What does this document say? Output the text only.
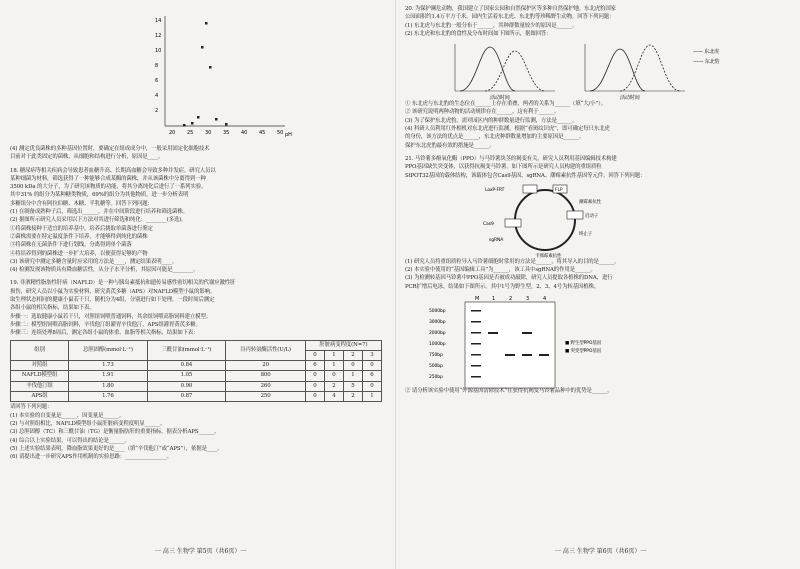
14
12
10
8
6
4
2
20 25 30 35 40 45 50 pH

(4) 测定优良菌株的多种基因位置时，要确定在组成成分中，一般采用固定化细胞技术

目前对于此类固定的菌株，从细胞和结构进行分析，原因是____。

18. 糖尿病等相关疾病会导致患者血糖升高、长期高血糖会导致多种并发症。研究人员以

某种细菌为材料，筛选获得了一种能够合成某酶的菌株，并从该菌株中分离得到一种

3500 kDa 的大分子，为了研究该物质的功能，将其分离纯化后进行了一系列实验。

其中31% 的组分为某种糖类物质，69%的组分为其他物质，进一步分析表明

多糖组分中含有阿拉伯糖、木糖、半乳糖等。回答下列问题：

(1) 在制备成熟种子后，筛选出______，并在中间阶段进行培养和筛选菌株。

(2) 据图所示研究人员采用以下方法对其进行筛选和纯化：________(多选)。

①将菌株接种于适宜的培养基中，培养后挑取单菌落进行鉴定

②菌株需要在特定温度条件下培养，才能够得到纯化的菌株

③将菌株在无菌条件下进行划线，分离得到单个菌落

④将培养得到的菌株进一步扩大培养，以便获得足够的产物

(3) 该研究中测定多糖含量时应采用的方法是____，测定结果表明____。

(4) 检测发现该物质具有降血糖活性，从分子水平分析，其原因可能是________。

19. 非酒精性脂肪性肝病（NAFLD）是一种与胰岛素抵抗和遗传易感性密切相关的代谢应激性肝

损伤，研究人员以小鼠为实验材料，研究黄芪多糖（APS）对NAFLD模型小鼠的影响。

取生理状态相同的健康小鼠若干只，随机分为4组，分别进行如下处理，一段时间后测定

各组小鼠的相关指标，结果如下表。

步骤一：选取健康小鼠若干只，对照组饲喂普通饲料，其余组饲喂高脂饲料建立模型。

步骤二：模型组饲喂高脂饲料，辛伐他汀组灌胃辛伐他汀，APS组灌胃黄芪多糖。

步骤三：连续处理8周后，测定各组小鼠的体重、血脂等相关指标，结果如下表：

组别	总胆固醇(mmol·L⁻¹)	三酰甘油(mmol·L⁻¹)	谷丙转氨酶活性(U/L)	肝脏病变程度(N=7)			
				0	1	2	3
对照组	1.73	0.84	20	6	1	0	0
NAFLD模型组	1.91	1.05	800	0	0	1	6
辛伐他汀组	1.80	0.90	260	0	2	5	0
APS组	1.76	0.87	250	0	4	2	1

请回答下列问题：

(1) 本实验的自变量是______，因变量是______。

(2) 与对照组相比，NAFLD模型组小鼠肝脏病变程度明显______。

(3) 总胆固醇（TC）和三酰甘油（TG）是衡量脂肪肝的重要指标，据表分析APS______。

(4) 综合以上实验结果，可以得出的结论是______。

(5) 上述实验结果表明，降血脂效果更好的是____（填“辛伐他汀”或“APS”），依据是____。

(6) 请提出进一步研究APS作用机制的实验思路：________________。

一 高三 生物学 第5页（共6页）一

20. 为保护濒危动物，我国建立了国家公园和自然保护区等多种自然保护地。东北虎豹国家

公园面积约1.4万平方千米，园内生活着东北虎、东北豹等珍稀野生动物。回答下列问题：

(1) 东北虎与东北豹一般分布于______，其种群数量较少的原因是______。

(2) 东北虎和东北豹的食性及分布时间如下图所示，据图回答：

活动时间	活动时间
—— 东北虎
------ 东北豹

① 东北虎与东北豹的生态位在______上存在重叠，两者的关系为______（填“大/小”）。

② 该研究说明两种动物的活动规律存在______，这有利于______。

(3) 为了保护东北虎豹，需对园区内的种群数量进行监测，方法是______。

(4) 科研人员利用红外相机对东北虎进行监测，根据“看斑纹识虎”，即可确定每只东北虎

的身份，该方法的优点是______，东北虎种群数量增加的主要原因是______。

保护东北虎豹最有效的措施是______。

21. 马铃薯多酚氧化酶（PPO）与马铃薯块茎的褐变有关，研究人员利用基因编辑技术构建

PPO基因缺失突变体，以获得抗褐变马铃薯。如下图所示是研究人员构建的重组质粒

StPOT32基因的载体结构，该载体包含Cas9基因、sgRNA、潮霉素抗性基因等元件。回答下列问题：

LoxP-FRT	FLP
潮霉素抗性
启动子
终止子
Cas9
sgRNA
卡那霉素抗性

(1) 研究人员将重组质粒导入马铃薯细胞时常用的方法是______，将其导入的目的是______。

(2) 本实验中使用的“基因编辑工具”为______，该工具中sgRNA的作用是______。

(3) 为检测转基因马铃薯中PPO基因是否被成功敲除，研究人员提取各植株的DNA，进行

PCR扩增后电泳，结果如下图所示。其中1号为野生型，2、3、4号为转基因植株。

M	1	2	3	4
5000bp
3000bp
2000bp
1000bp
750bp
500bp
250bp
■ 野生型PPO基因
■ 突变型PPO基因

② 请分析该实验中使用“外源基因清除技术”在获得抗褐变马铃薯品种中的优势是______。

一 高三 生物学 第6页（共6页）一
